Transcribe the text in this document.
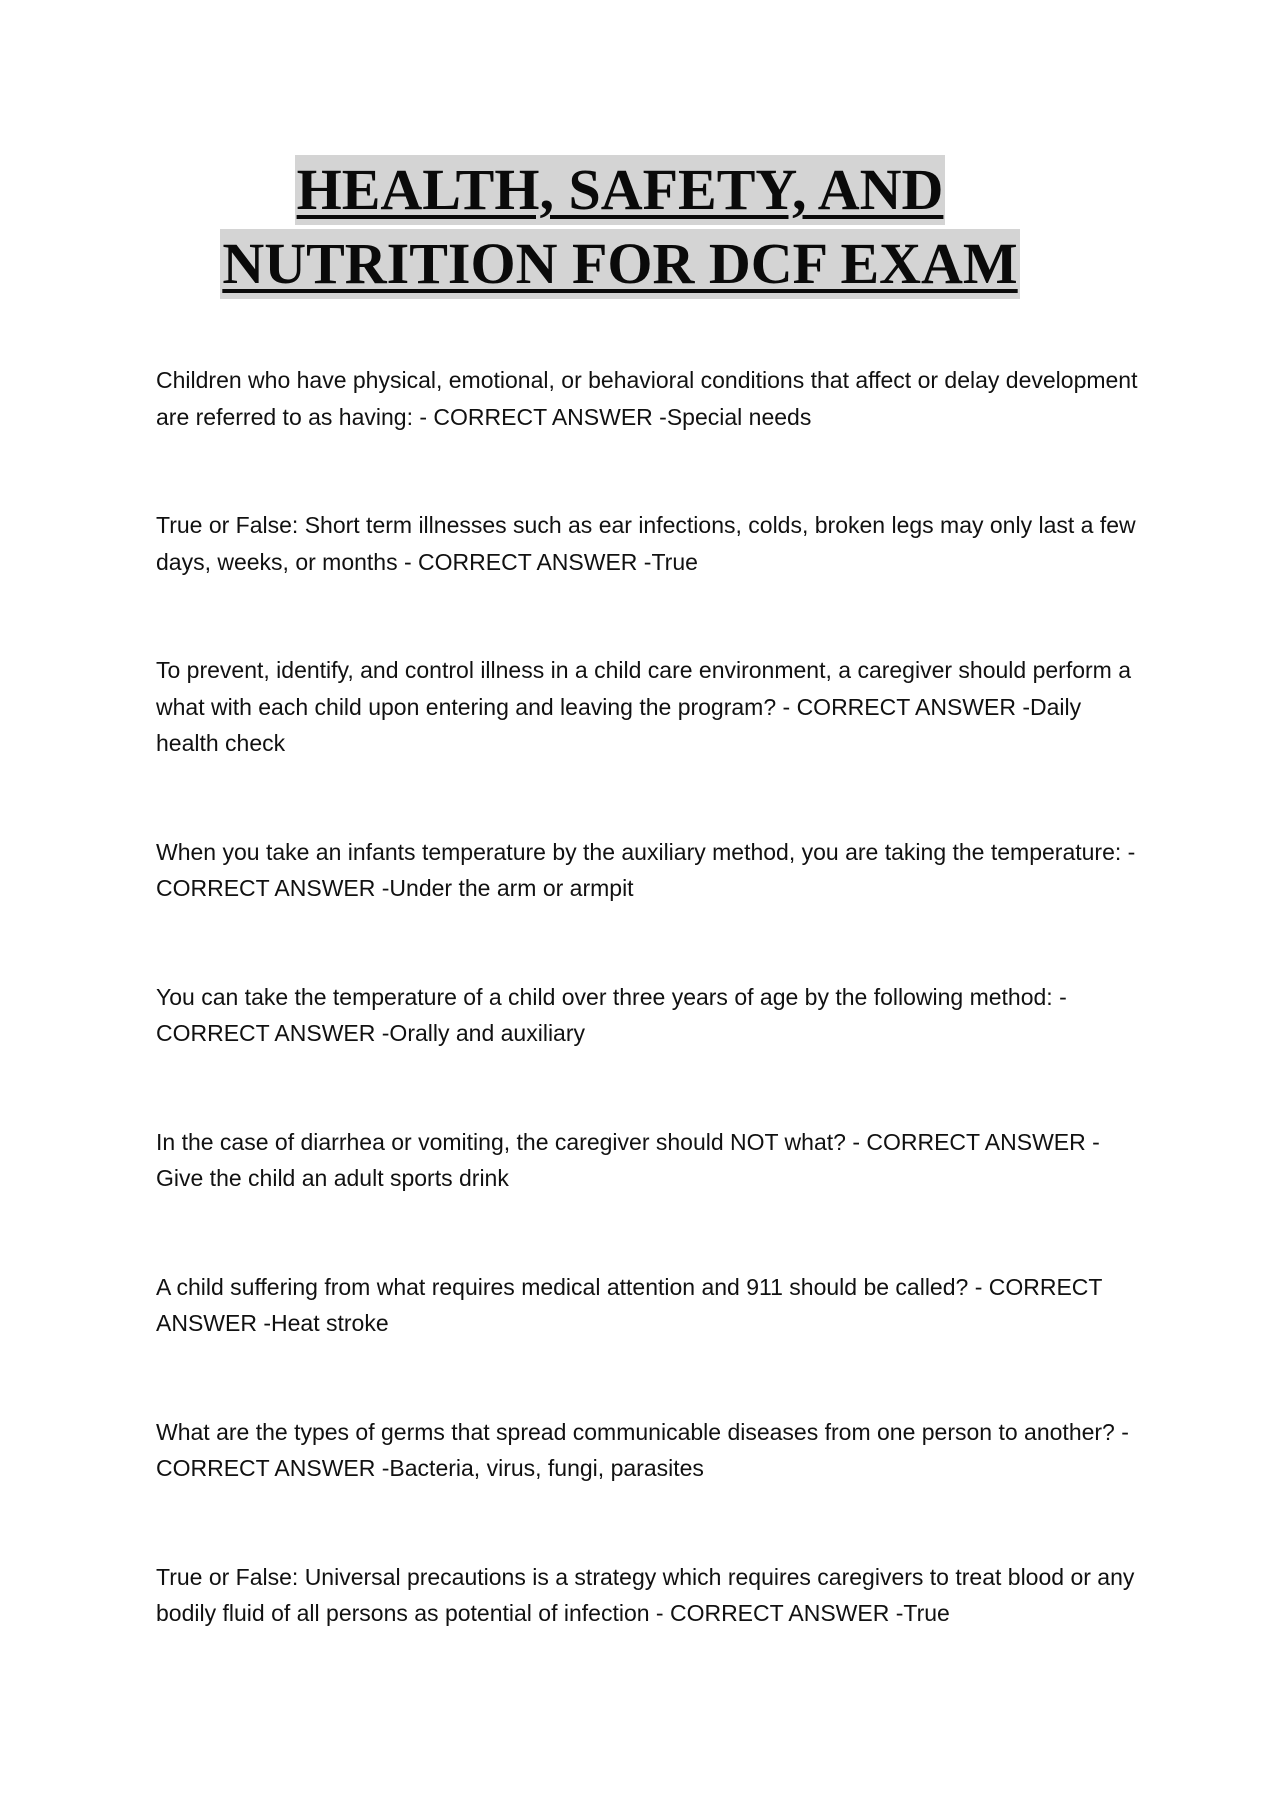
HEALTH, SAFETY, AND
NUTRITION FOR DCF EXAM
Children who have physical, emotional, or behavioral conditions that affect or delay development are referred to as having: - CORRECT ANSWER -Special needs
True or False: Short term illnesses such as ear infections, colds, broken legs may only last a few days, weeks, or months - CORRECT ANSWER -True
To prevent, identify, and control illness in a child care environment, a caregiver should perform a what with each child upon entering and leaving the program? - CORRECT ANSWER -Daily health check
When you take an infants temperature by the auxiliary method, you are taking the temperature: - CORRECT ANSWER -Under the arm or armpit
You can take the temperature of a child over three years of age by the following method: - CORRECT ANSWER -Orally and auxiliary
In the case of diarrhea or vomiting, the caregiver should NOT what? - CORRECT ANSWER - Give the child an adult sports drink
A child suffering from what requires medical attention and 911 should be called? - CORRECT ANSWER -Heat stroke
What are the types of germs that spread communicable diseases from one person to another? - CORRECT ANSWER -Bacteria, virus, fungi, parasites
True or False: Universal precautions is a strategy which requires caregivers to treat blood or any bodily fluid of all persons as potential of infection - CORRECT ANSWER -True
